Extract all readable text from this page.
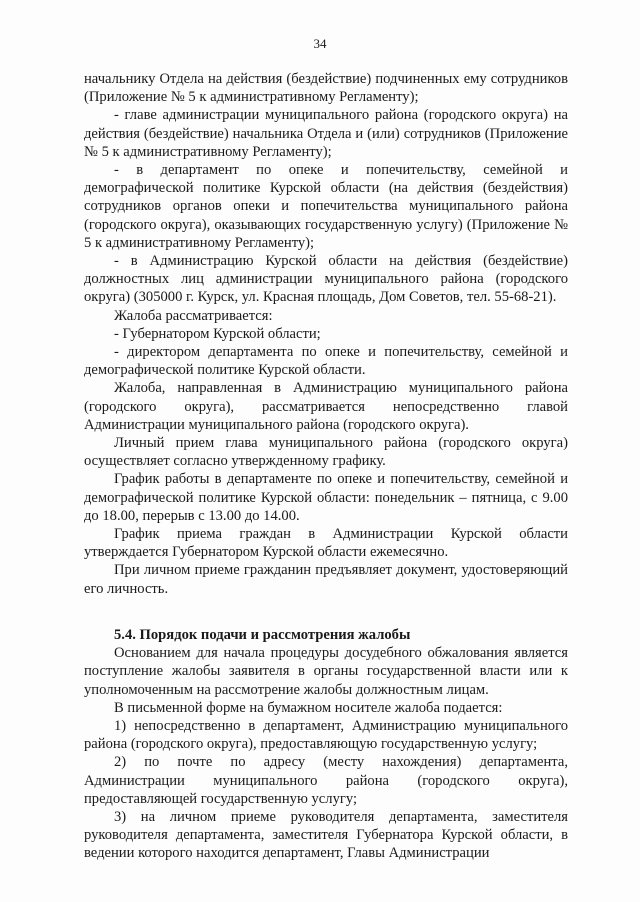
34

начальнику Отдела на действия (бездействие) подчиненных ему сотрудников (Приложение № 5 к административному Регламенту);

- главе администрации муниципального района (городского округа) на действия (бездействие) начальника Отдела и (или) сотрудников (Приложение № 5 к административному Регламенту);

- в департамент по опеке и попечительству, семейной и демографической политике Курской области (на действия (бездействия) сотрудников органов опеки и попечительства муниципального района (городского округа), оказывающих государственную услугу) (Приложение № 5 к административному Регламенту);

- в Администрацию Курской области на действия (бездействие) должностных лиц администрации муниципального района (городского округа) (305000 г. Курск, ул. Красная площадь, Дом Советов, тел. 55-68-21).

Жалоба рассматривается:

- Губернатором Курской области;

- директором департамента по опеке и попечительству, семейной и демографической политике Курской области.

Жалоба, направленная в Администрацию муниципального района (городского округа), рассматривается непосредственно главой Администрации муниципального района (городского округа).

Личный прием глава муниципального района (городского округа) осуществляет согласно утвержденному графику.

График работы в департаменте по опеке и попечительству, семейной и демографической политике Курской области: понедельник – пятница, с 9.00 до 18.00, перерыв с 13.00 до 14.00.

График приема граждан в Администрации Курской области утверждается Губернатором Курской области ежемесячно.

При личном приеме гражданин предъявляет документ, удостоверяющий его личность.

5.4. Порядок подачи и рассмотрения жалобы

Основанием для начала процедуры досудебного обжалования является поступление жалобы заявителя в органы государственной власти или к уполномоченным на рассмотрение жалобы должностным лицам.

В письменной форме на бумажном носителе жалоба подается:

1) непосредственно в департамент, Администрацию муниципального района (городского округа), предоставляющую государственную услугу;

2) по почте по адресу (месту нахождения) департамента, Администрации муниципального района (городского округа), предоставляющей государственную услугу;

3) на личном приеме руководителя департамента, заместителя руководителя департамента, заместителя Губернатора Курской области, в ведении которого находится департамент, Главы Администрации
